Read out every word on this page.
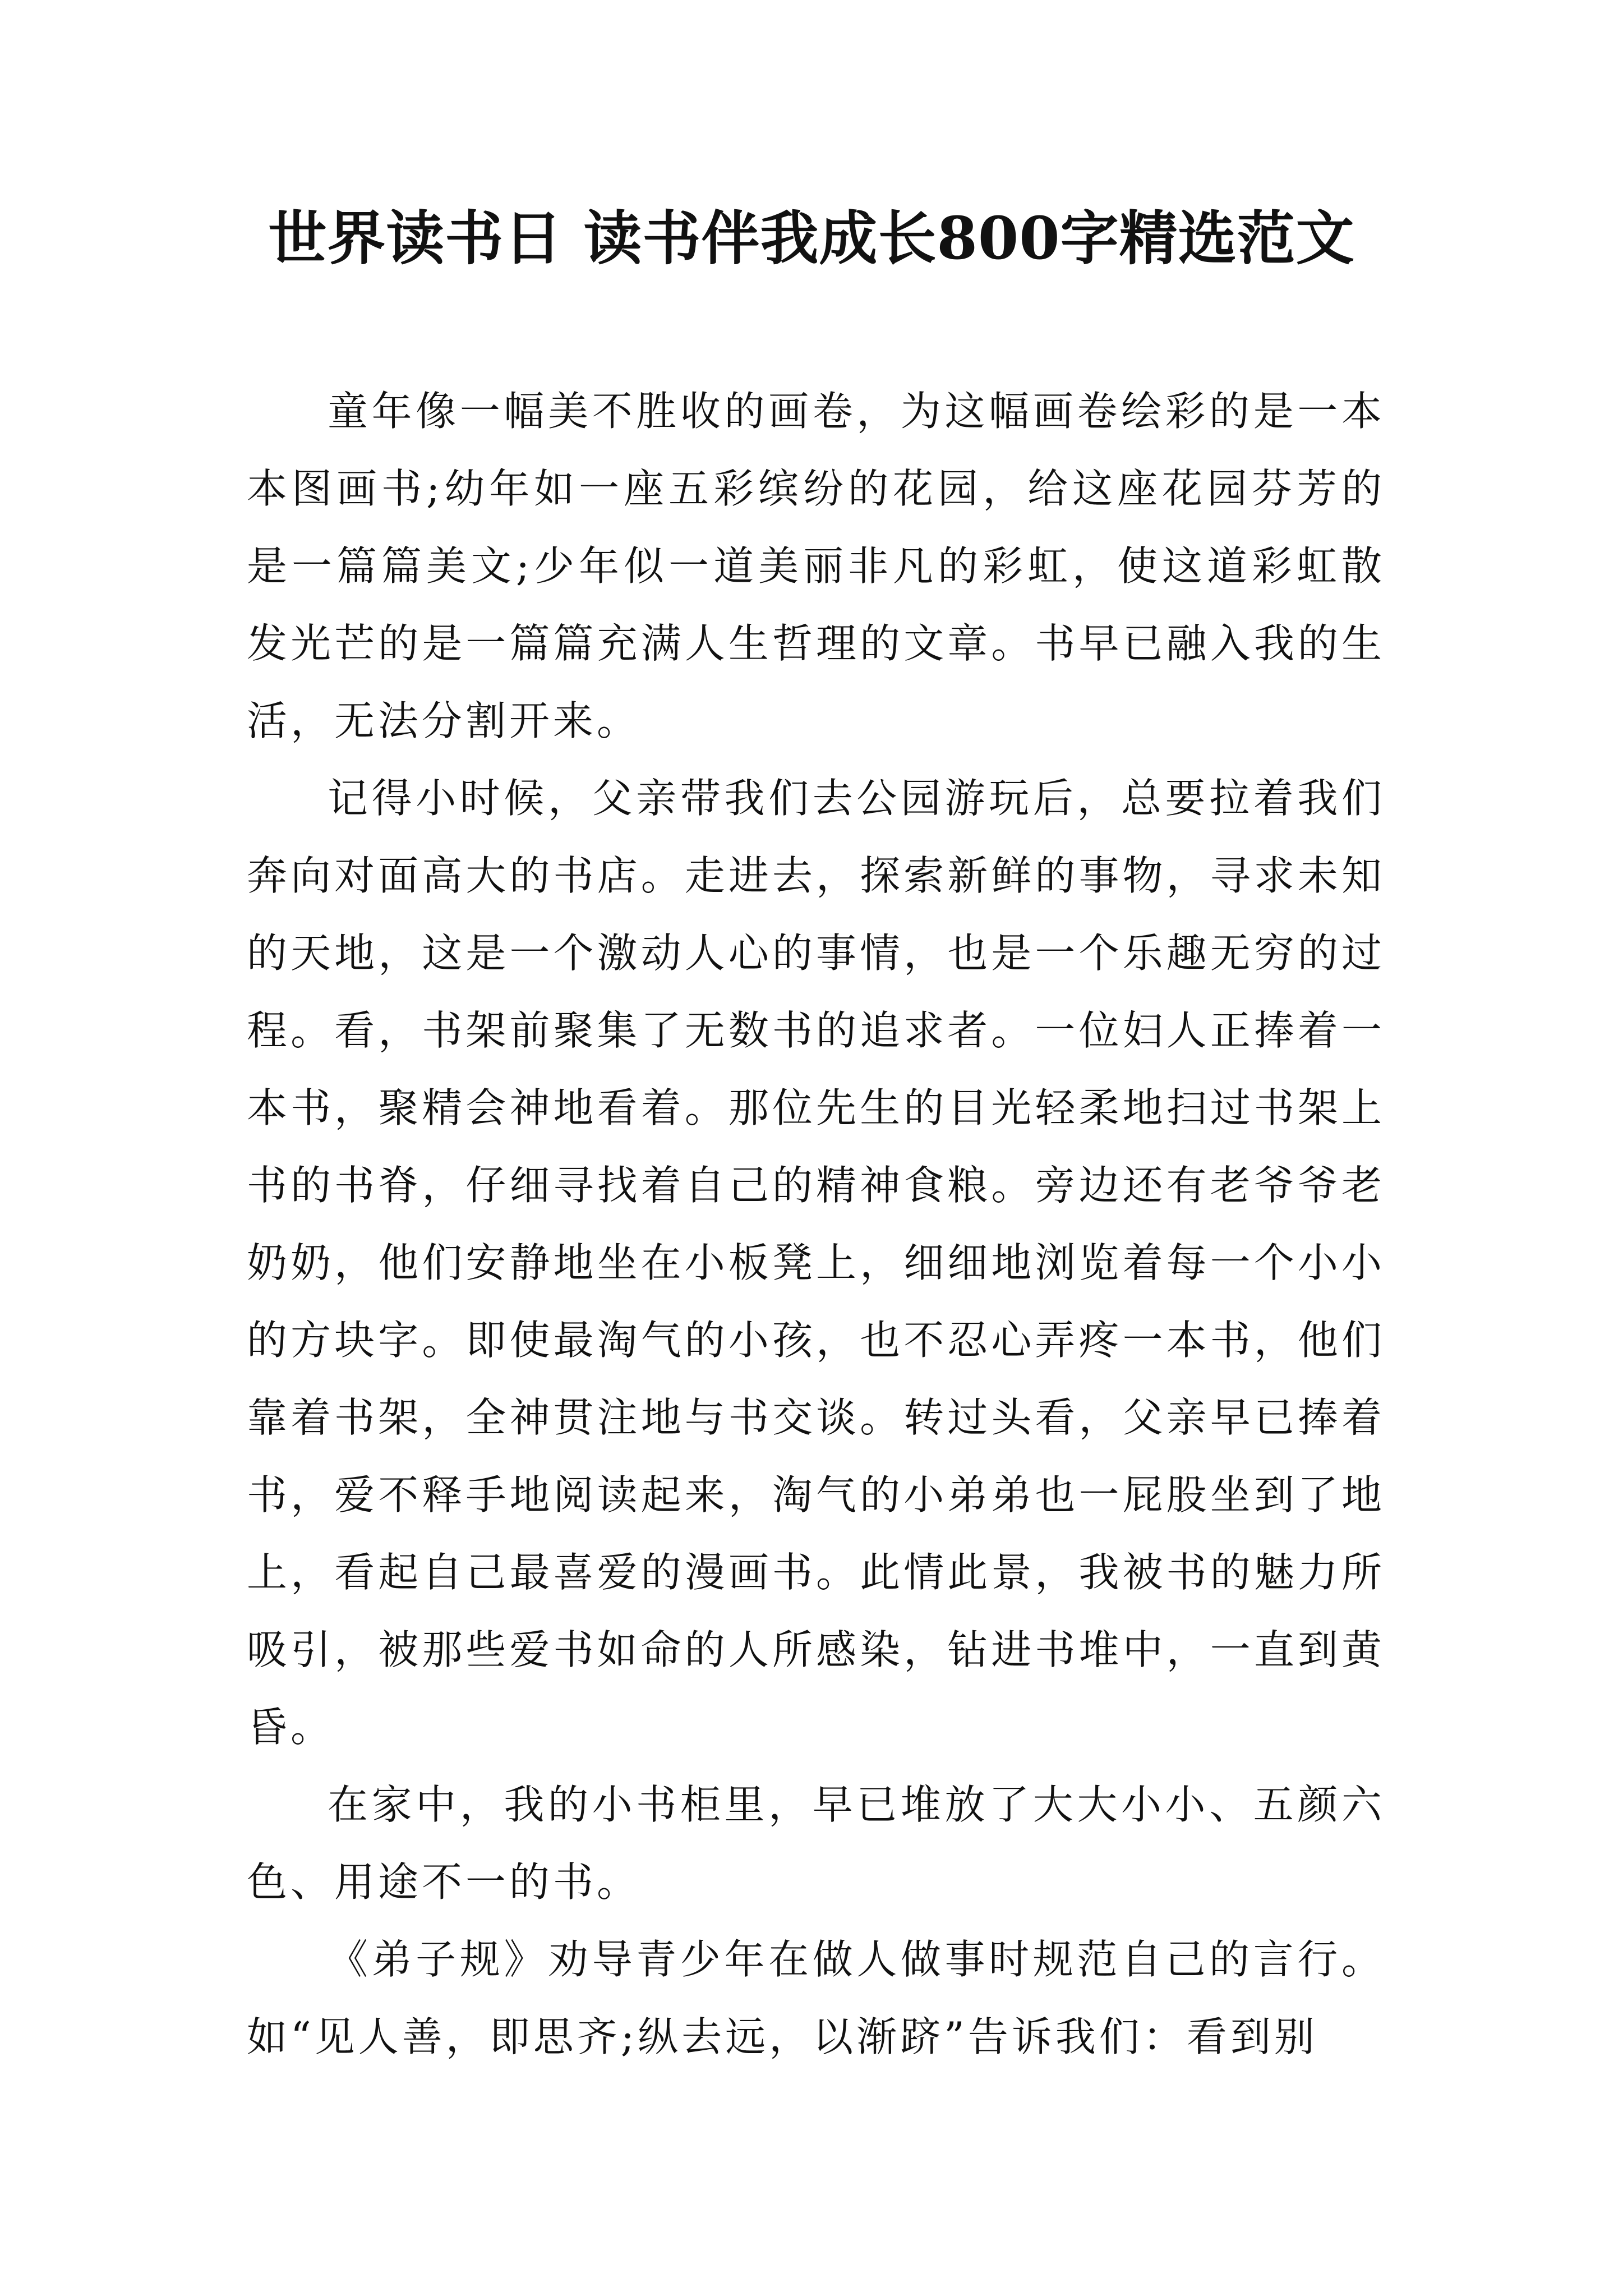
世界读书日 读书伴我成长800字精选范文

童年像一幅美不胜收的画卷，为这幅画卷绘彩的是一本本图画书;幼年如一座五彩缤纷的花园，给这座花园芬芳的是一篇篇美文;少年似一道美丽非凡的彩虹，使这道彩虹散发光芒的是一篇篇充满人生哲理的文章。书早已融入我的生活，无法分割开来。

记得小时候，父亲带我们去公园游玩后，总要拉着我们奔向对面高大的书店。走进去，探索新鲜的事物，寻求未知的天地，这是一个激动人心的事情，也是一个乐趣无穷的过程。看，书架前聚集了无数书的追求者。一位妇人正捧着一本书，聚精会神地看着。那位先生的目光轻柔地扫过书架上书的书脊，仔细寻找着自己的精神食粮。旁边还有老爷爷老奶奶，他们安静地坐在小板凳上，细细地浏览着每一个小小的方块字。即使最淘气的小孩，也不忍心弄疼一本书，他们靠着书架，全神贯注地与书交谈。转过头看，父亲早已捧着书，爱不释手地阅读起来，淘气的小弟弟也一屁股坐到了地上，看起自己最喜爱的漫画书。此情此景，我被书的魅力所吸引，被那些爱书如命的人所感染，钻进书堆中，一直到黄昏。

在家中，我的小书柜里，早已堆放了大大小小、五颜六色、用途不一的书。

《弟子规》劝导青少年在做人做事时规范自己的言行。如“见人善，即思齐;纵去远，以渐跻”告诉我们：看到别
